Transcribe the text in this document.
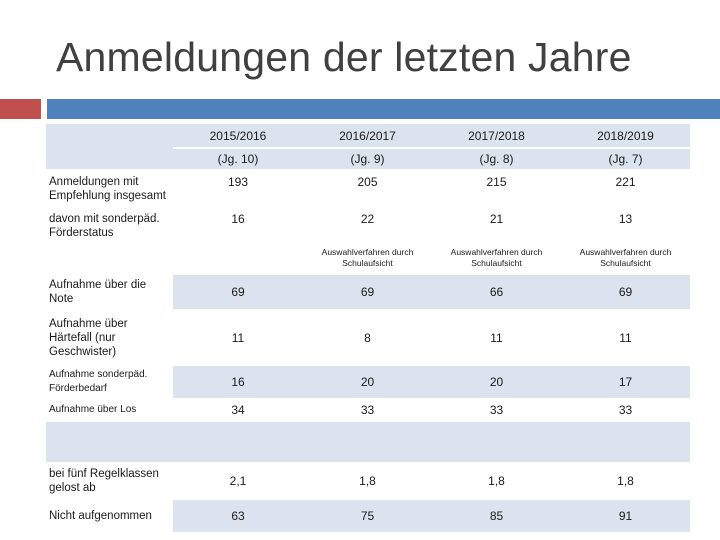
Anmeldungen der letzten Jahre
	2015/2016	2016/2017	2017/2018	2018/2019
	(Jg. 10)	(Jg. 9)	(Jg. 8)	(Jg. 7)
Anmeldungen mit Empfehlung insgesamt	193	205	215	221
davon mit sonderpäd. Förderstatus	16	22	21	13
		Auswahlverfahren durch Schulaufsicht	Auswahlverfahren durch Schulaufsicht	Auswahlverfahren durch Schulaufsicht
Aufnahme über die Note	69	69	66	69
Aufnahme über Härtefall (nur Geschwister)	11	8	11	11
Aufnahme sonderpäd. Förderbedarf	16	20	20	17
Aufnahme über Los	34	33	33	33

bei fünf Regelklassen gelost ab	2,1	1,8	1,8	1,8
Nicht aufgenommen	63	75	85	91
